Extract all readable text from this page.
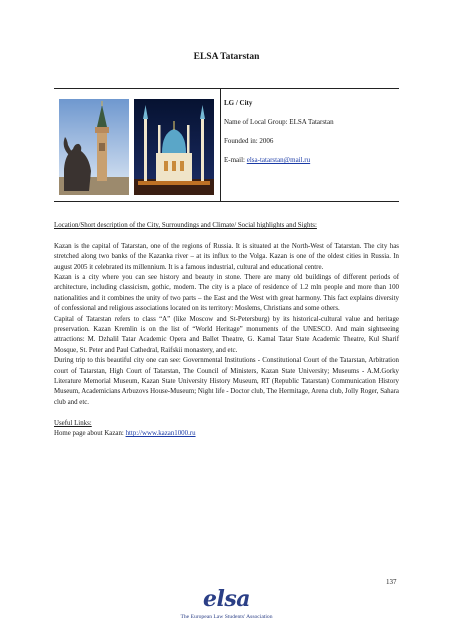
ELSA Tatarstan
LG / City
Name of Local Group: ELSA Tatarstan
Founded in: 2006
E-mail: elsa-tatarstan@mail.ru

Location/Short description of the City, Surroundings and Climate/ Social highlights and Sights:

Kazan is the capital of Tatarstan, one of the regions of Russia. It is situated at the North-West of Tatarstan. The city has stretched along two banks of the Kazanka river – at its influx to the Volga. Kazan is one of the oldest cities in Russia. In august 2005 it celebrated its millennium. It is a famous industrial, cultural and educational centre.

Kazan is a city where you can see history and beauty in stone. There are many old buildings of different periods of architecture, including classicism, gothic, modern. The city is a place of residence of 1.2 mln people and more than 100 nationalities and it combines the unity of two parts – the East and the West with great harmony. This fact explains diversity of confessional and religious associations located on its territory: Moslems, Christians and some others.

Capital of Tatarstan refers to class “A” (like Moscow and St-Petersburg) by its historical-cultural value and heritage preservation. Kazan Kremlin is on the list of “World Heritage” monuments of the UNESCO. And main sightseeing attractions: M. Dzhalil Tatar Academic Opera and Ballet Theatre, G. Kamal Tatar State Academic Theatre, Kul Sharif Mosque, St. Peter and Paul Cathedral, Raifskii monastery, and etc.

During trip to this beautiful city one can see: Governmental Institutions - Constitutional Court of the Tatarstan, Arbitration court of Tatarstan, High Court of Tatarstan, The Council of Ministers, Kazan State University; Museums - A.M.Gorky Literature Memorial Museum, Kazan State University History Museum, RT (Republic Tatarstan) Communication History Museum, Academicians Arbuzovs House-Museum; Night life - Doctor club, The Hermitage, Arena club, Jolly Roger, Sahara club and etc.

Useful Links:

Home page about Kazan: http://www.kazan1000.ru

137
elsa
The European Law Students' Association
